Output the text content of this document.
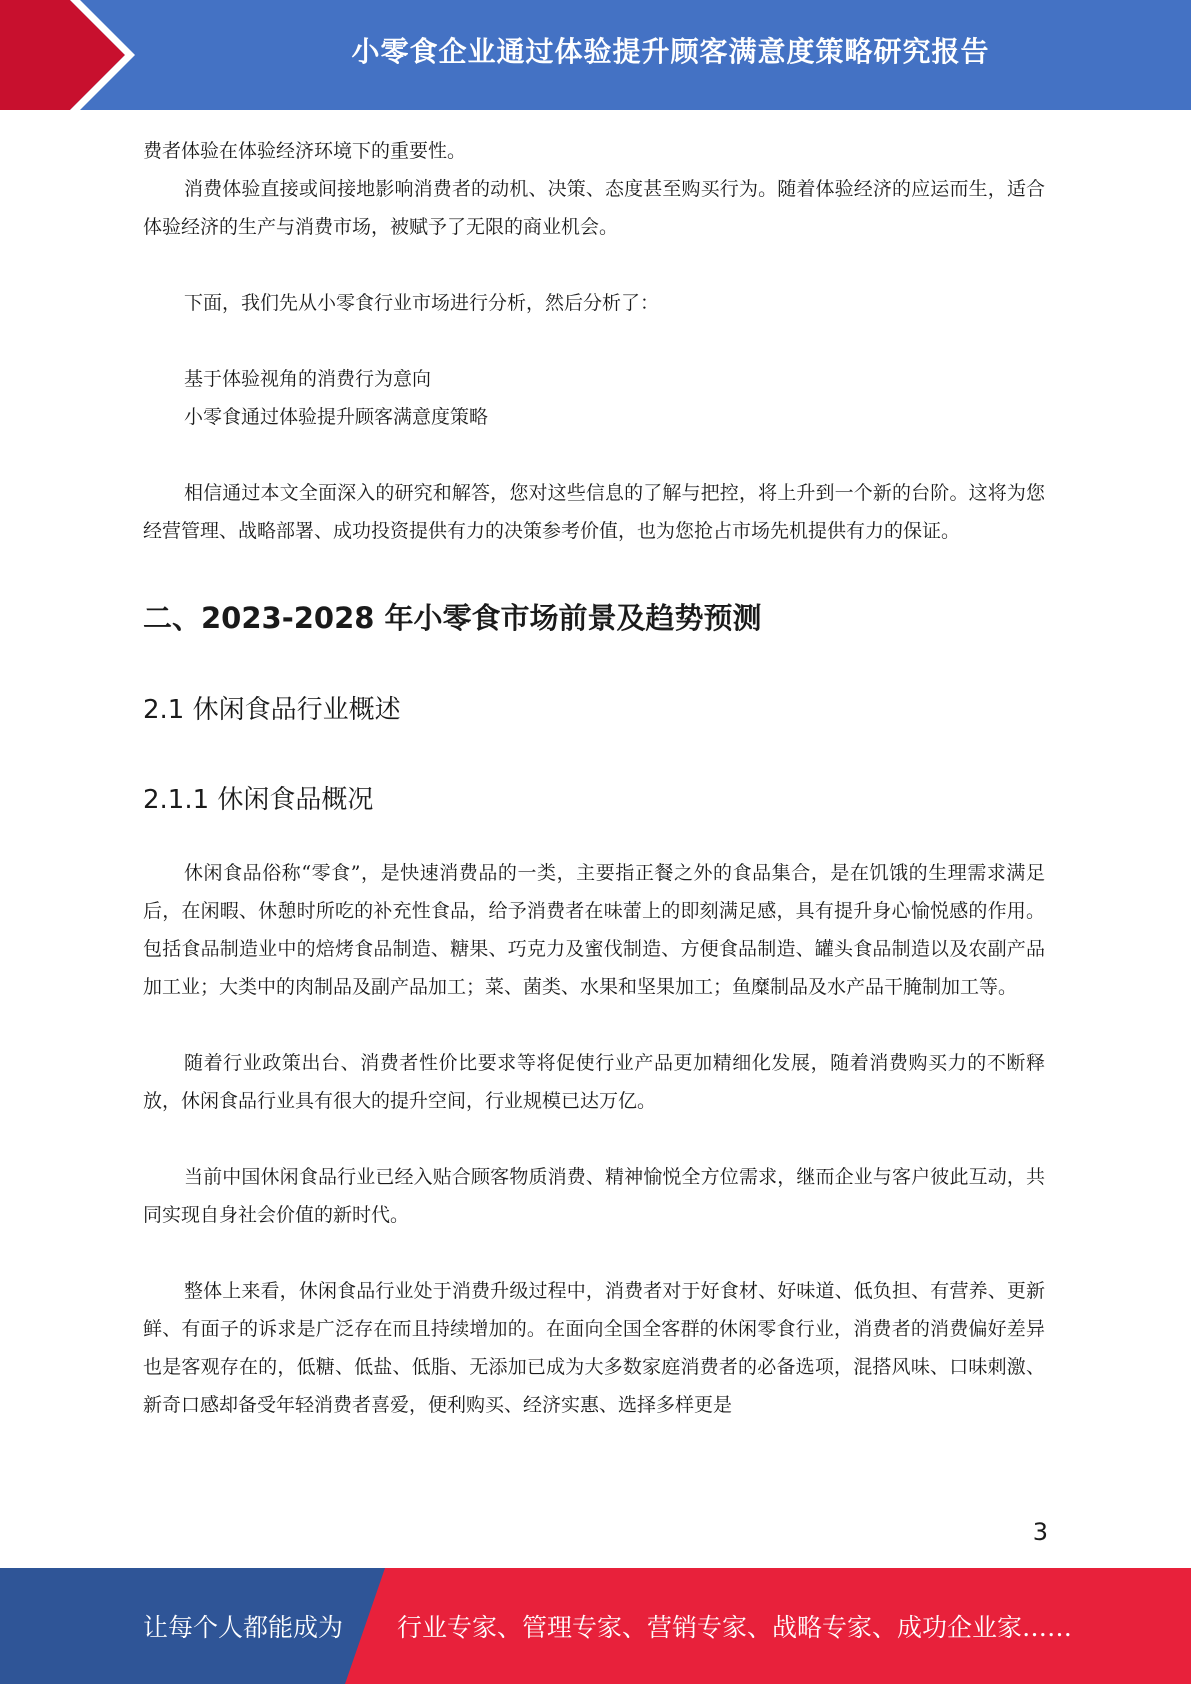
小零食企业通过体验提升顾客满意度策略研究报告

费者体验在体验经济环境下的重要性。

消费体验直接或间接地影响消费者的动机、决策、态度甚至购买行为。随着体验经济的应运而生，适合体验经济的生产与消费市场，被赋予了无限的商业机会。

下面，我们先从小零食行业市场进行分析，然后分析了：

基于体验视角的消费行为意向

小零食通过体验提升顾客满意度策略

相信通过本文全面深入的研究和解答，您对这些信息的了解与把控，将上升到一个新的台阶。这将为您经营管理、战略部署、成功投资提供有力的决策参考价值，也为您抢占市场先机提供有力的保证。

二、2023-2028 年小零食市场前景及趋势预测
2.1 休闲食品行业概述
2.1.1 休闲食品概况

休闲食品俗称“零食”，是快速消费品的一类，主要指正餐之外的食品集合，是在饥饿的生理需求满足后，在闲暇、休憩时所吃的补充性食品，给予消费者在味蕾上的即刻满足感，具有提升身心愉悦感的作用。包括食品制造业中的焙烤食品制造、糖果、巧克力及蜜伐制造、方便食品制造、罐头食品制造以及农副产品加工业；大类中的肉制品及副产品加工；菜、菌类、水果和坚果加工；鱼糜制品及水产品干腌制加工等。

随着行业政策出台、消费者性价比要求等将促使行业产品更加精细化发展，随着消费购买力的不断释放，休闲食品行业具有很大的提升空间，行业规模已达万亿。

当前中国休闲食品行业已经入贴合顾客物质消费、精神愉悦全方位需求，继而企业与客户彼此互动，共同实现自身社会价值的新时代。

整体上来看，休闲食品行业处于消费升级过程中，消费者对于好食材、好味道、低负担、有营养、更新鲜、有面子的诉求是广泛存在而且持续增加的。在面向全国全客群的休闲零食行业，消费者的消费偏好差异也是客观存在的，低糖、低盐、低脂、无添加已成为大多数家庭消费者的必备选项，混搭风味、口味刺激、新奇口感却备受年轻消费者喜爱，便利购买、经济实惠、选择多样更是

3
让每个人都能成为 行业专家、管理专家、营销专家、战略专家、成功企业家……
